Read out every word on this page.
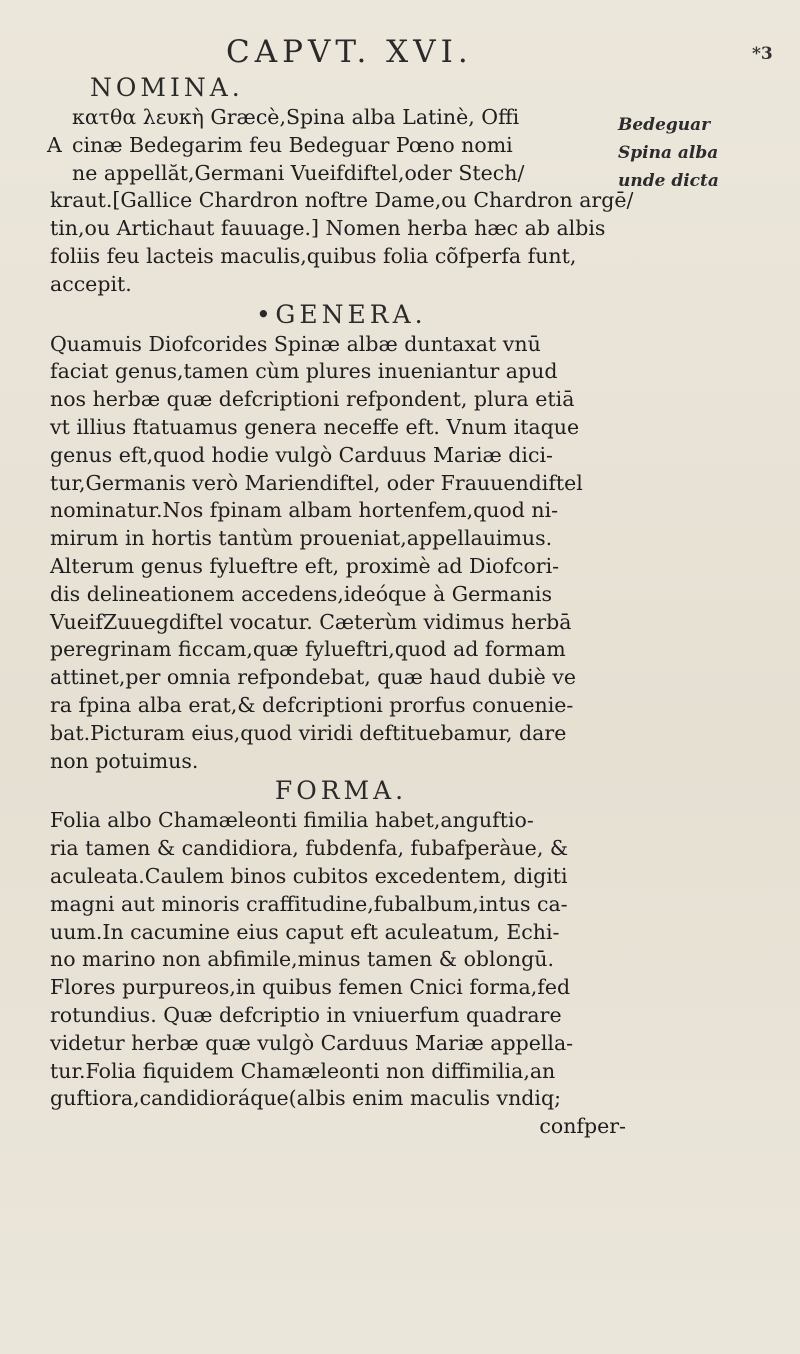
CAPVT. XVI.	*3
Bedeguar
Spina alba
unde dicta

NOMINA.

κατθα λευκὴ Græcè,Spina alba Latinè, Offi
A cinæ Bedegarim feu Bedeguar Pœno nomi
ne appellăt,Germani Vueifdiftel,oder Stech/
kraut.[Gallice Chardron noftre Dame,ou Chardron argē/
tin,ou Artichaut fauuage.] Nomen herba hæc ab albis
foliis feu lacteis maculis,quibus folia cõfperfa funt,
accepit.

•GENERA.

Quamuis Diofcorides Spinæ albæ duntaxat vnū
faciat genus,tamen cùm plures inueniantur apud
nos herbæ quæ defcriptioni refpondent, plura etiā
vt illius ftatuamus genera neceffe eft. Vnum itaque
genus eft,quod hodie vulgò Carduus Mariæ dici-
tur,Germanis verò Mariendiftel, oder Frauuendiftel
nominatur.Nos fpinam albam hortenfem,quod ni-
mirum in hortis tantùm proueniat,appellauimus.
Alterum genus fylueftre eft, proximè ad Diofcori-
dis delineationem accedens,ideóque à Germanis
VueifZuuegdiftel vocatur. Cæterùm vidimus herbā
peregrinam ficcam,quæ fylueftri,quod ad formam
attinet,per omnia refpondebat, quæ haud dubiè ve
ra fpina alba erat,& defcriptioni prorfus conuenie-
bat.Picturam eius,quod viridi deftituebamur, dare
non potuimus.

FORMA.

Folia albo Chamæleonti fimilia habet,anguftio-
ria tamen & candidiora, fubdenfa, fubafperàue, &
aculeata.Caulem binos cubitos excedentem, digiti
magni aut minoris craffitudine,fubalbum,intus ca-
uum.In cacumine eius caput eft aculeatum, Echi-
no marino non abfimile,minus tamen & oblongū.
Flores purpureos,in quibus femen Cnici forma,fed
rotundius. Quæ defcriptio in vniuerfum quadrare
videtur herbæ quæ vulgò Carduus Mariæ appella-
tur.Folia fiquidem Chamæleonti non diffimilia,an
guftiora,candidioráque(albis enim maculis vndiq;
confper-
